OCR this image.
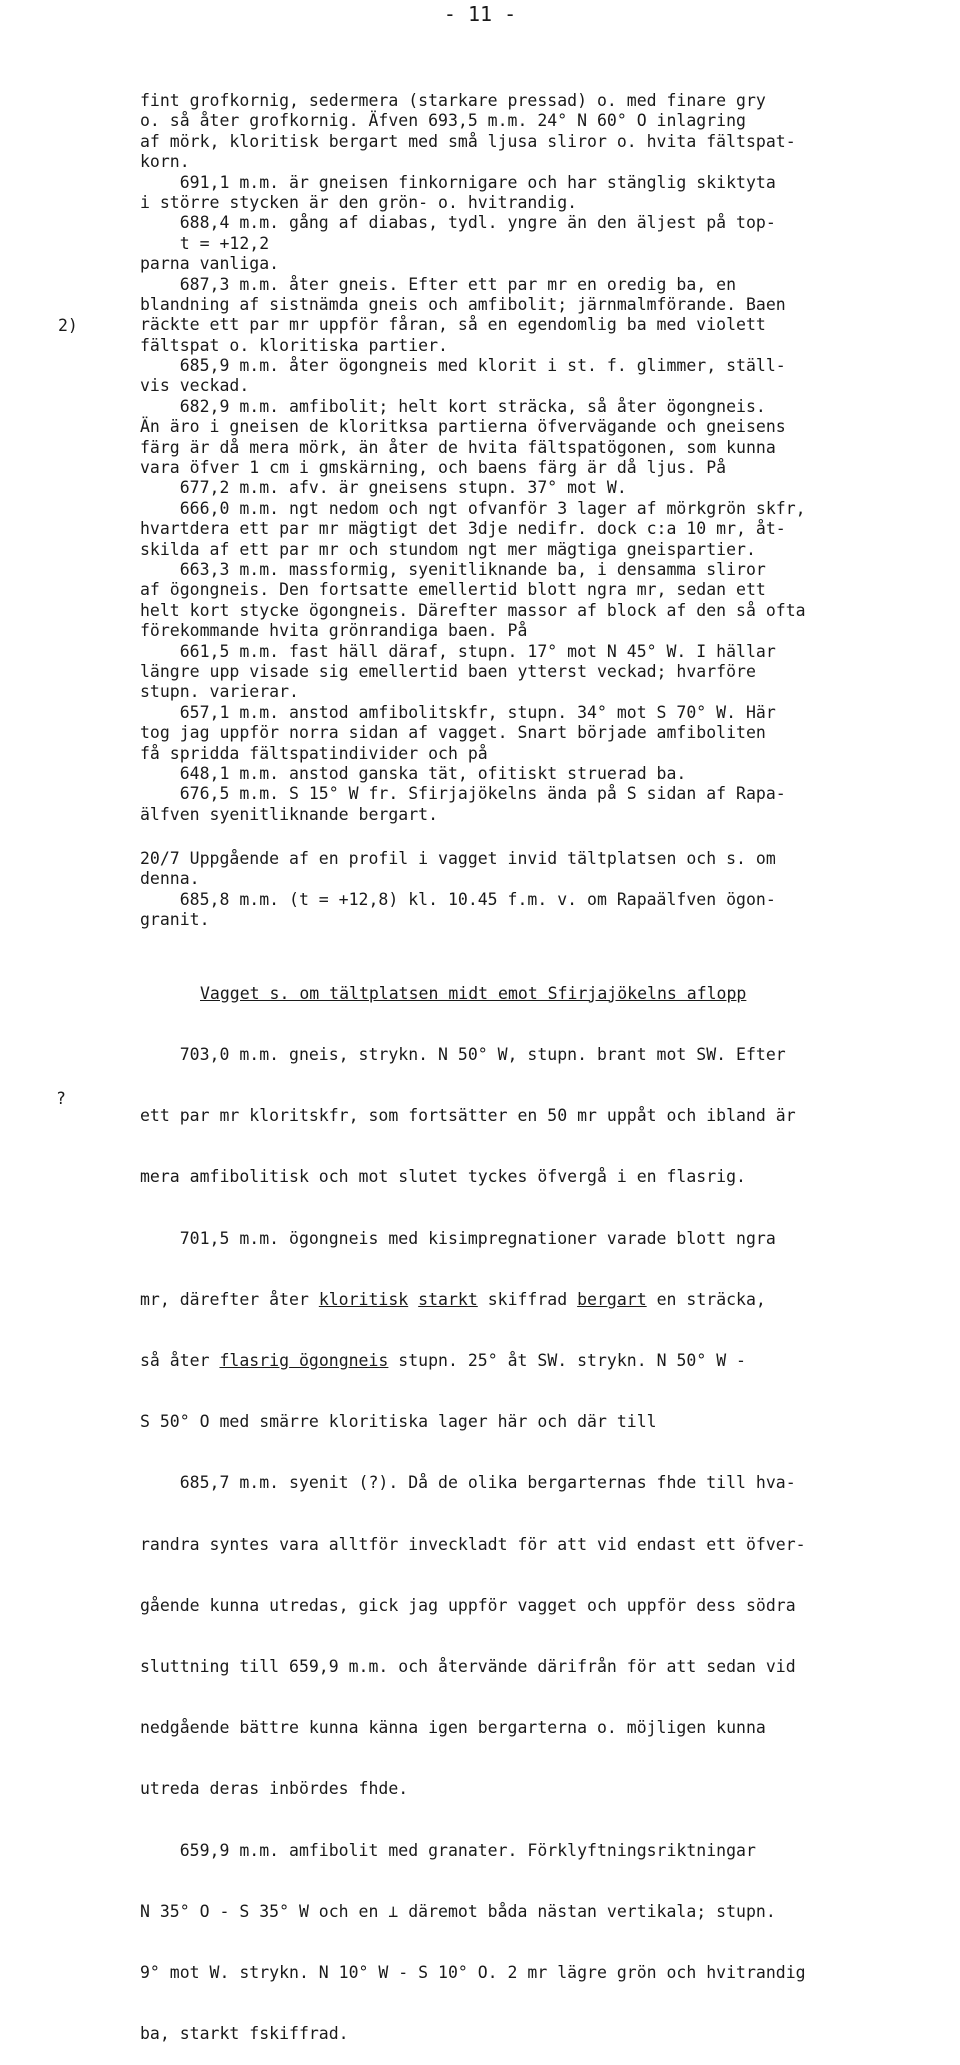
- 11 -
2)
?
fint grofkornig, sedermera (starkare pressad) o. med finare gry
o. så åter grofkornig. Äfven 693,5 m.m. 24° N 60° O inlagring
af mörk, kloritisk bergart med små ljusa sliror o. hvita fältspat-
korn.
691,1 m.m. är gneisen finkornigare och har stänglig skiktyta
i större stycken är den grön- o. hvitrandig.
688,4 m.m. gång af diabas, tydl. yngre än den äljest på top-
t = +12,2
parna vanliga.
687,3 m.m. åter gneis. Efter ett par mr en oredig ba, en
blandning af sistnämda gneis och amfibolit; järnmalmförande. Baen
räckte ett par mr uppför fåran, så en egendomlig ba med violett
fältspat o. kloritiska partier.
685,9 m.m. åter ögongneis med klorit i st. f. glimmer, ställ-
vis veckad.
682,9 m.m. amfibolit; helt kort sträcka, så åter ögongneis.
Än äro i gneisen de kloritksa partierna öfvervägande och gneisens
färg är då mera mörk, än åter de hvita fältspatögonen, som kunna
vara öfver 1 cm i gmskärning, och baens färg är då ljus. På
677,2 m.m. afv. är gneisens stupn. 37° mot W.
666,0 m.m. ngt nedom och ngt ofvanför 3 lager af mörkgrön skfr,
hvartdera ett par mr mägtigt det 3dje nedifr. dock c:a 10 mr, åt-
skilda af ett par mr och stundom ngt mer mägtiga gneispartier.
663,3 m.m. massformig, syenitliknande ba, i densamma sliror
af ögongneis. Den fortsatte emellertid blott ngra mr, sedan ett
helt kort stycke ögongneis. Därefter massor af block af den så ofta
förekommande hvita grönrandiga baen. På
661,5 m.m. fast häll däraf, stupn. 17° mot N 45° W. I hällar
längre upp visade sig emellertid baen ytterst veckad; hvarföre
stupn. varierar.
657,1 m.m. anstod amfibolitskfr, stupn. 34° mot S 70° W. Här
tog jag uppför norra sidan af vagget. Snart började amfiboliten
få spridda fältspatindivider och på
648,1 m.m. anstod ganska tät, ofitiskt struerad ba.
676,5 m.m. S 15° W fr. Sfirjajökelns ända på S sidan af Rapa-
älfven syenitliknande bergart.
20/7 Uppgående af en profil i vagget invid tältplatsen och s. om
denna.
685,8 m.m. (t = +12,8) kl. 10.45 f.m. v. om Rapaälfven ögon-
granit.

Vagget s. om tältplatsen midt emot Sfirjajökelns aflopp

703,0 m.m. gneis, strykn. N 50° W, stupn. brant mot SW. Efter

ett par mr kloritskfr, som fortsätter en 50 mr uppåt och ibland är

mera amfibolitisk och mot slutet tyckes öfvergå i en flasrig.

701,5 m.m. ögongneis med kisimpregnationer varade blott ngra

mr, därefter åter kloritisk starkt skiffrad bergart en sträcka,

så åter flasrig ögongneis stupn. 25° åt SW. strykn. N 50° W -

S 50° O med smärre kloritiska lager här och där till

685,7 m.m. syenit (?). Då de olika bergarternas fhde till hva-

randra syntes vara alltför inveckladt för att vid endast ett öfver-

gående kunna utredas, gick jag uppför vagget och uppför dess södra

sluttning till 659,9 m.m. och återvände därifrån för att sedan vid

nedgående bättre kunna känna igen bergarterna o. möjligen kunna

utreda deras inbördes fhde.

659,9 m.m. amfibolit med granater. Förklyftningsriktningar

N 35° O - S 35° W och en ⊥ däremot båda nästan vertikala; stupn.

9° mot W. strykn. N 10° W - S 10° O. 2 mr lägre grön och hvitrandig

ba, starkt fskiffrad.
